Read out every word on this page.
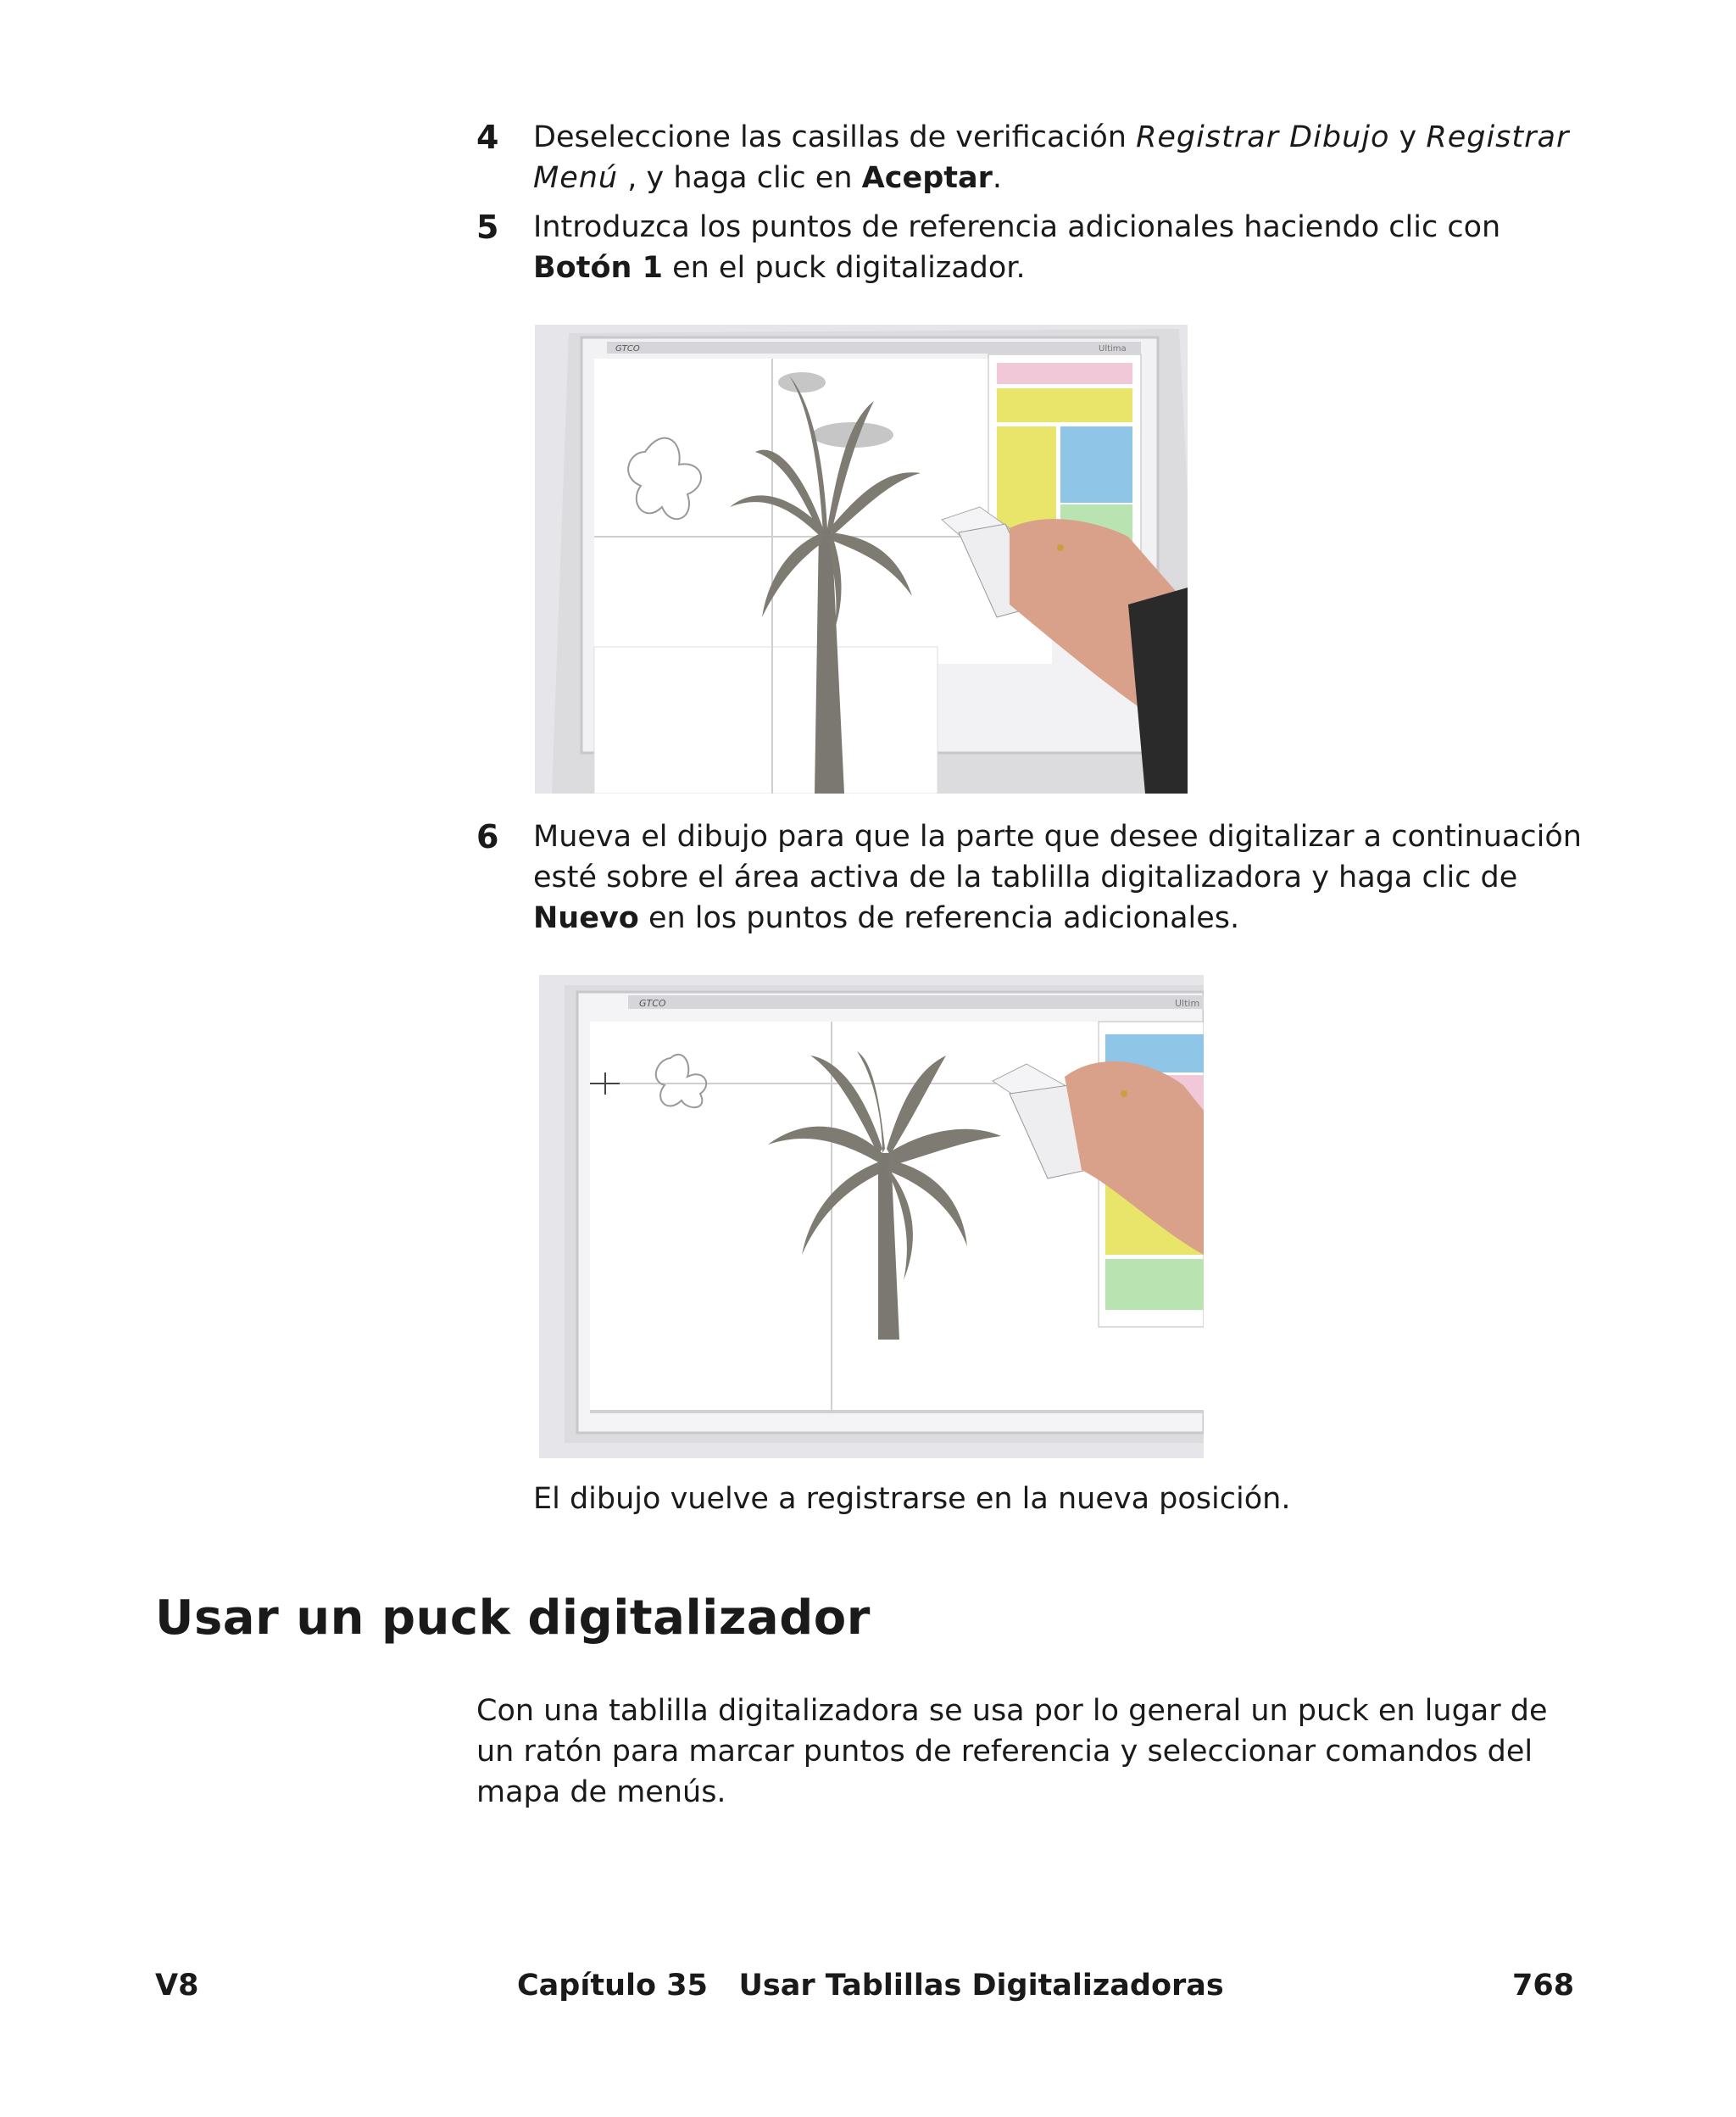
4 Deseleccione las casillas de verificación Registrar Dibujo y Registrar Menú , y haga clic en Aceptar.
5 Introduzca los puntos de referencia adicionales haciendo clic con Botón 1 en el puck digitalizador.
GTCO	Ultima
6 Mueva el dibujo para que la parte que desee digitalizar a continuación esté sobre el área activa de la tablilla digitalizadora y haga clic de Nuevo en los puntos de referencia adicionales.
GTCO	Ultim
El dibujo vuelve a registrarse en la nueva posición.
Usar un puck digitalizador
Con una tablilla digitalizadora se usa por lo general un puck en lugar de un ratón para marcar puntos de referencia y seleccionar comandos del mapa de menús.
V8	Capítulo 35   Usar Tablillas Digitalizadoras	768
